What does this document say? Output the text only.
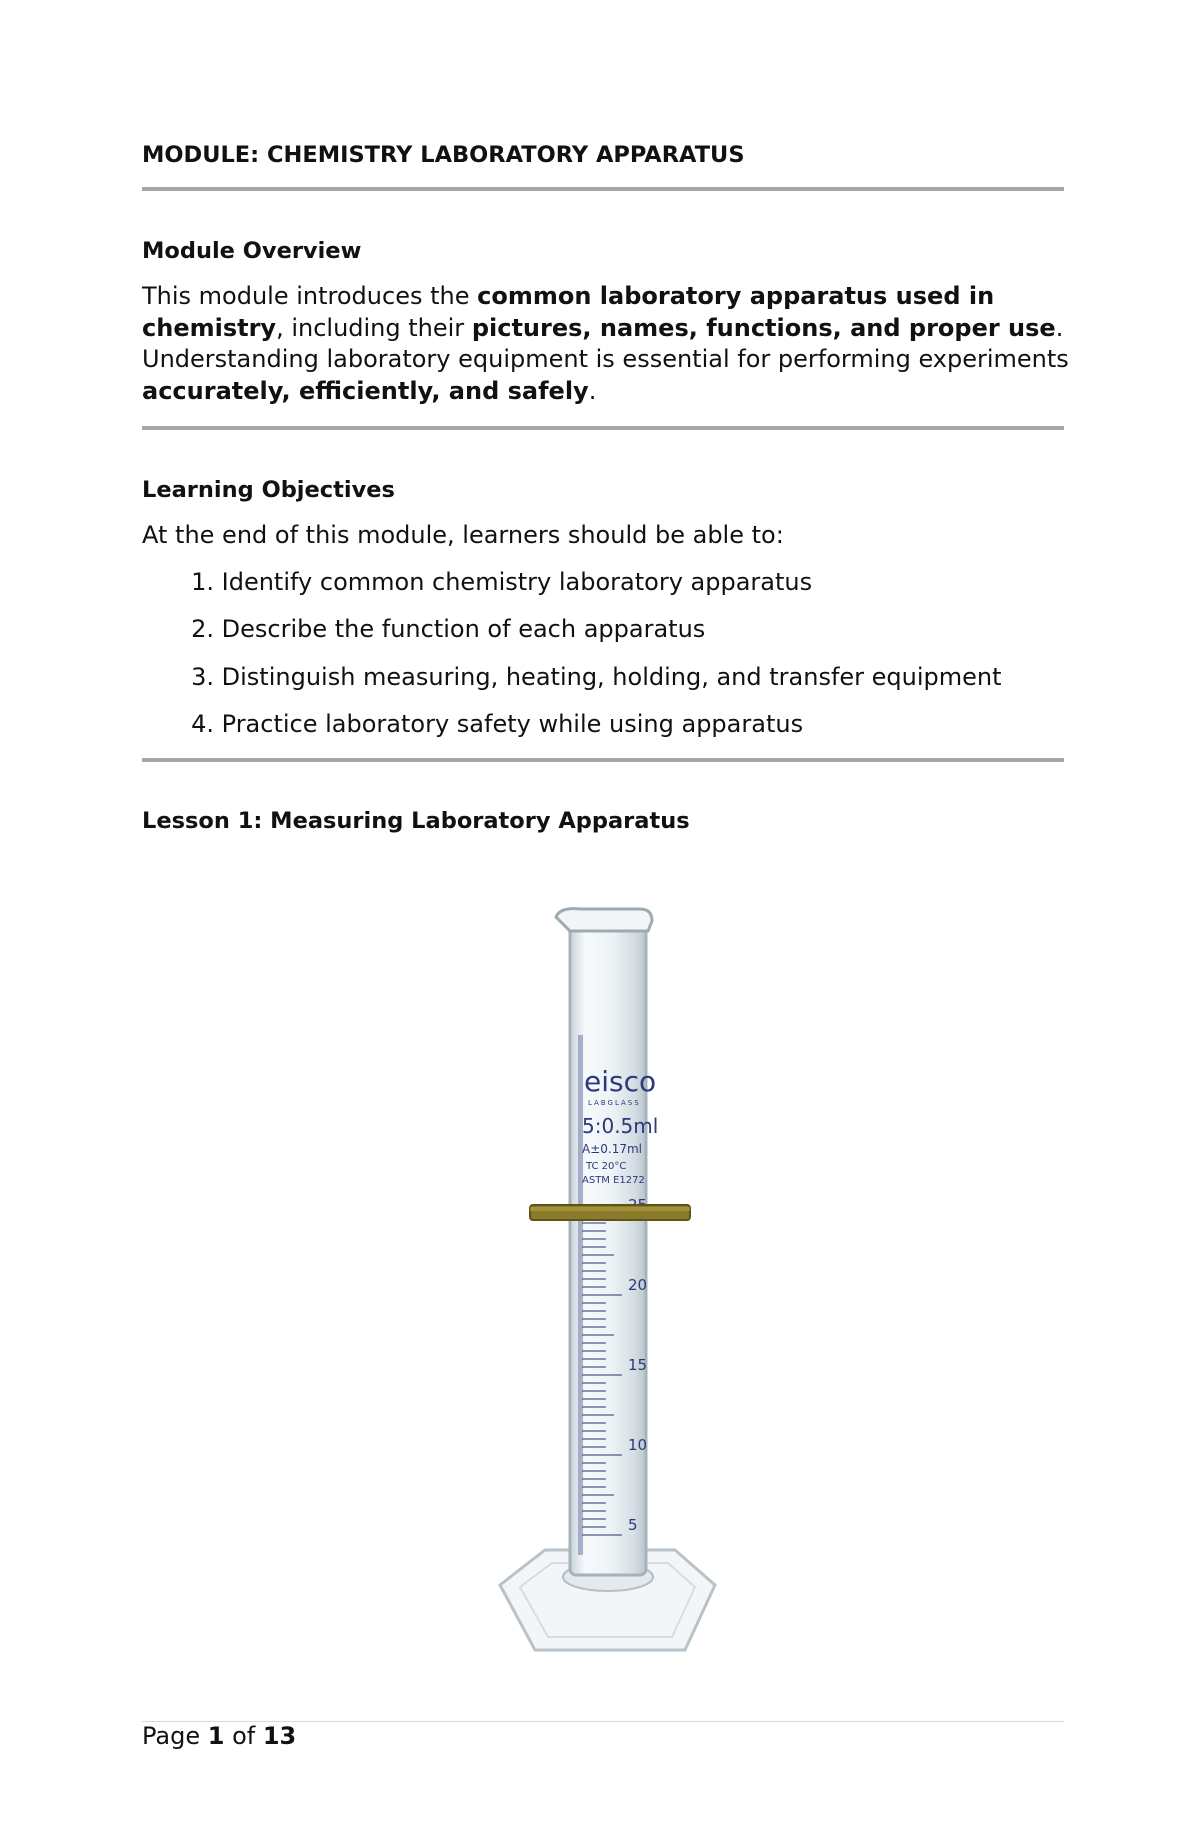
MODULE: CHEMISTRY LABORATORY APPARATUS
Module Overview
This module introduces the common laboratory apparatus used in chemistry, including their pictures, names, functions, and proper use. Understanding laboratory equipment is essential for performing experiments accurately, efficiently, and safely.
Learning Objectives
At the end of this module, learners should be able to:
1. Identify common chemistry laboratory apparatus
2. Describe the function of each apparatus
3. Distinguish measuring, heating, holding, and transfer equipment
4. Practice laboratory safety while using apparatus
Lesson 1: Measuring Laboratory Apparatus
20
15
10
5
eisco
LABGLASS
5:0.5ml
A±0.17ml
TC 20°C
ASTM E1272
Page 1 of 13
